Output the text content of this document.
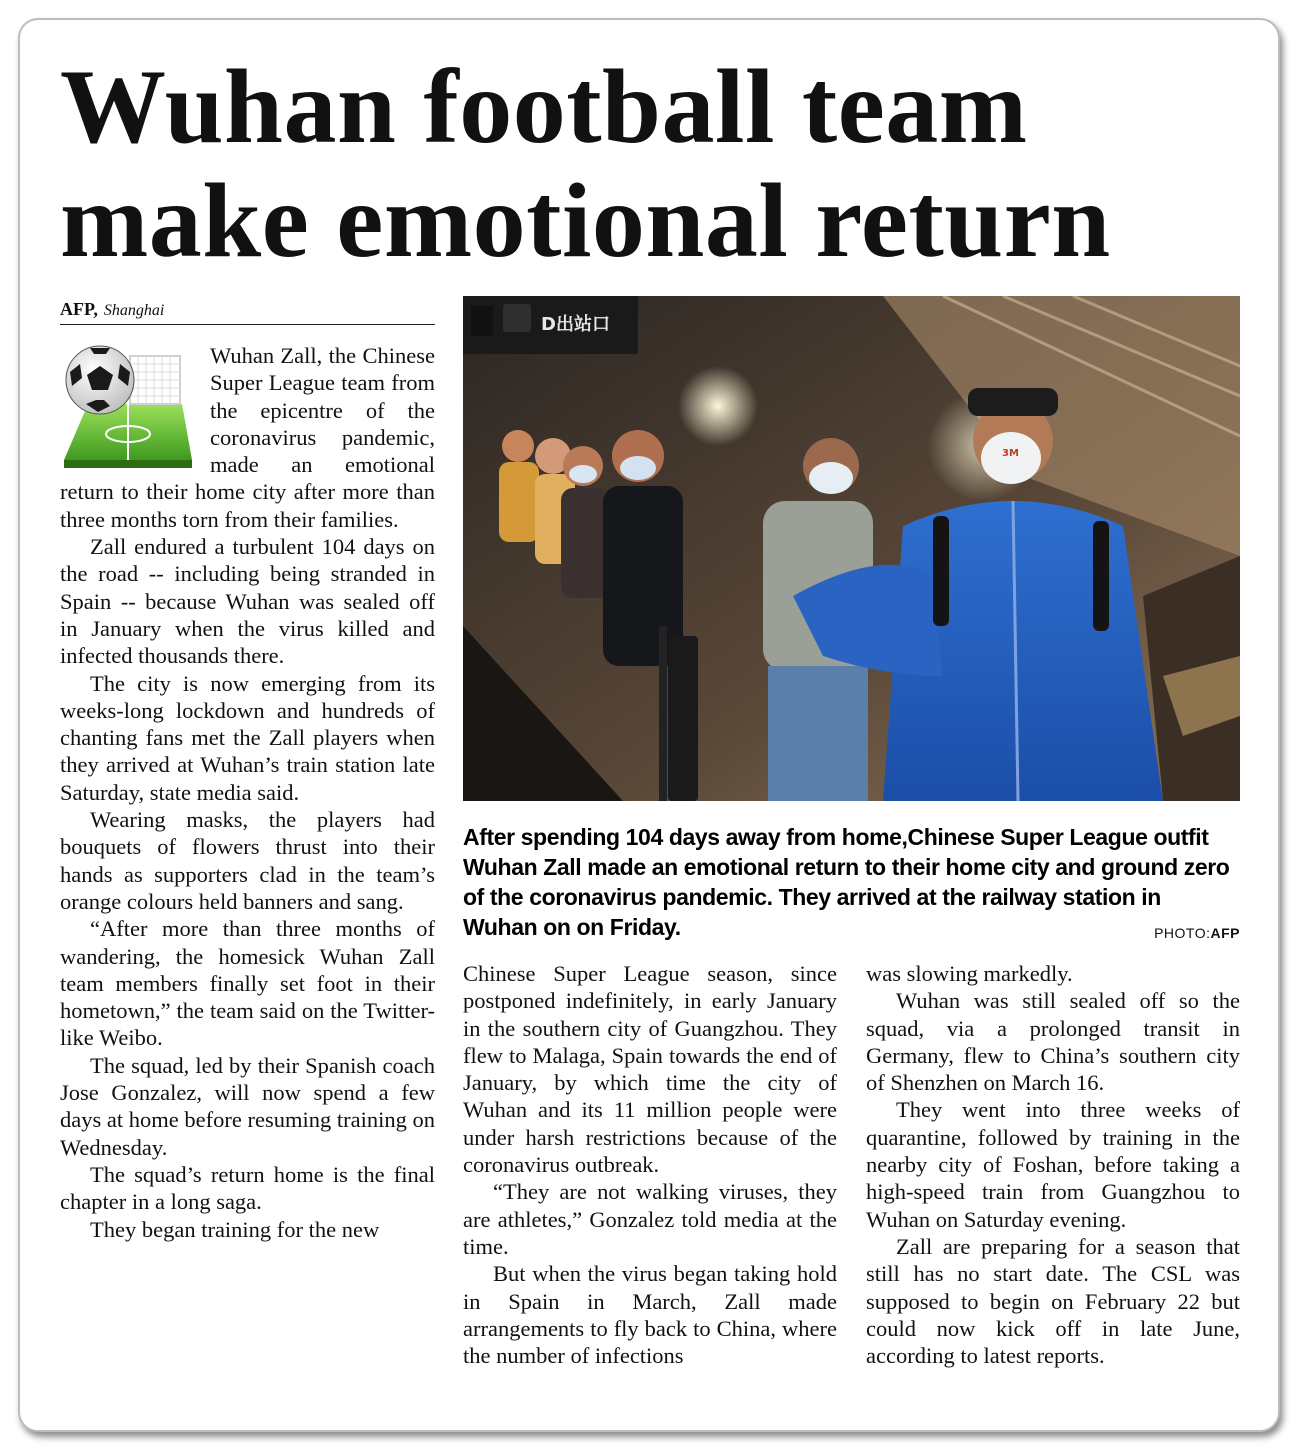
Wuhan football team
make emotional return
AFP, Shanghai

Wuhan Zall, the Chinese Super League team from the epicentre of the coronavirus pandemic, made an emotional return to their home city after more than three months torn from their families.

Zall endured a turbulent 104 days on the road -- including being stranded in Spain -- because Wuhan was sealed off in January when the virus killed and infected thousands there.

The city is now emerging from its weeks-long lockdown and hundreds of chanting fans met the Zall players when they arrived at Wuhan’s train station late Saturday, state media said.

Wearing masks, the players had bouquets of flowers thrust into their hands as supporters clad in the team’s orange colours held banners and sang.

“After more than three months of wandering, the homesick Wuhan Zall team members finally set foot in their hometown,” the team said on the Twitter-like Weibo.

The squad, led by their Spanish coach Jose Gonzalez, will now spend a few days at home before resuming training on Wednesday.

The squad’s return home is the final chapter in a long saga.

They began training for the new

D出站口
3M
After spending 104 days away from home,Chinese Super League outfit Wuhan Zall made an emotional return to their home city and ground zero of the coronavirus pandemic. They arrived at the railway station in Wuhan on on Friday.	PHOTO:AFP

Chinese Super League season, since postponed indefinitely, in early January in the southern city of Guangzhou. They flew to Malaga, Spain towards the end of January, by which time the city of Wuhan and its 11 million people were under harsh restrictions because of the coronavirus outbreak.

“They are not walking viruses, they are athletes,” Gonzalez told media at the time.

But when the virus began taking hold in Spain in March, Zall made arrangements to fly back to China, where the number of infections

was slowing markedly.

Wuhan was still sealed off so the squad, via a prolonged transit in Germany, flew to China’s southern city of Shenzhen on March 16.

They went into three weeks of quarantine, followed by training in the nearby city of Foshan, before taking a high-speed train from Guangzhou to Wuhan on Saturday evening.

Zall are preparing for a season that still has no start date. The CSL was supposed to begin on February 22 but could now kick off in late June, according to latest reports.
